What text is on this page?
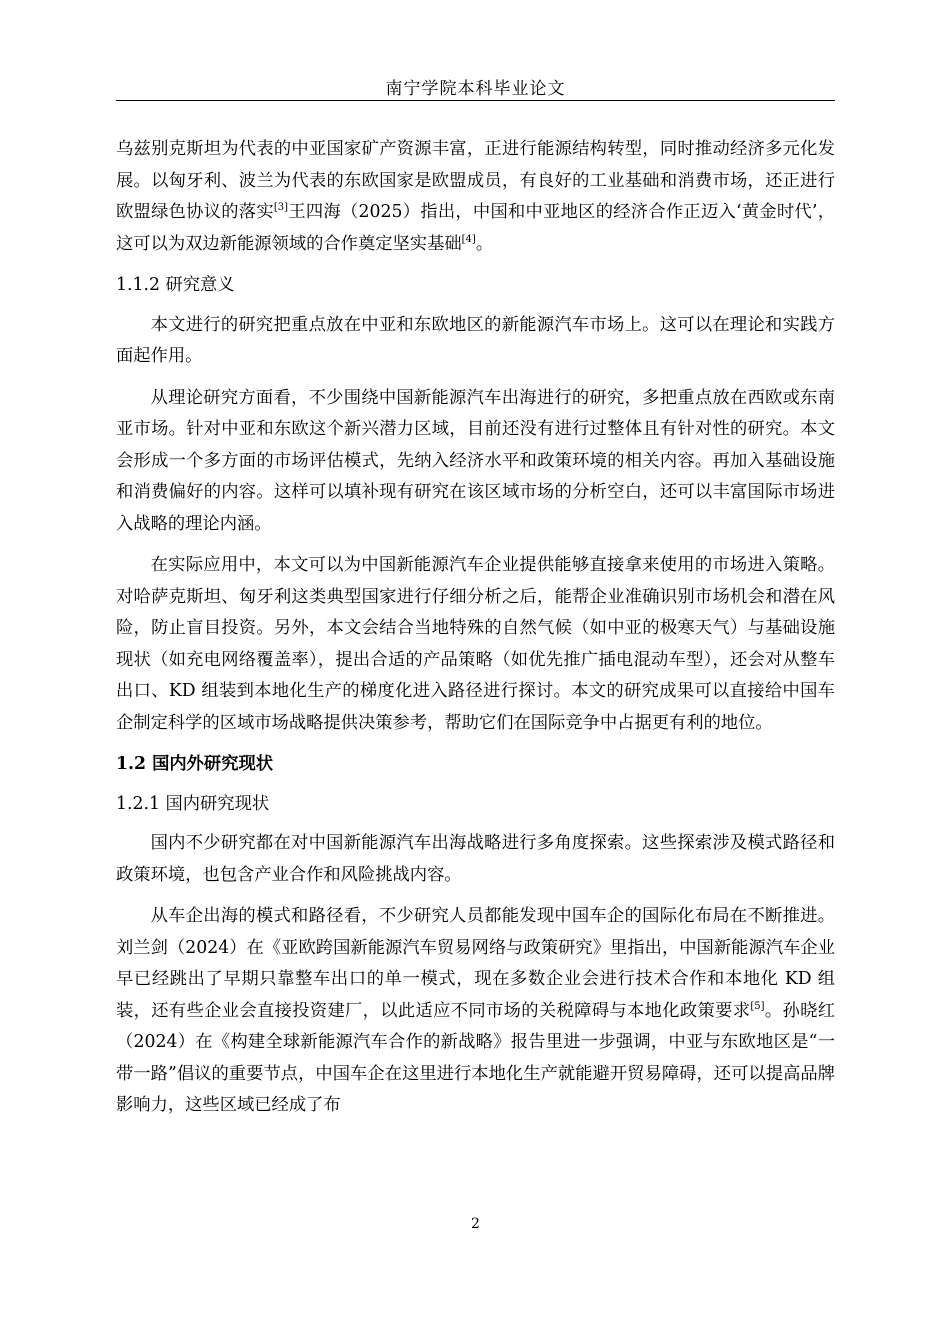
南宁学院本科毕业论文

乌兹别克斯坦为代表的中亚国家矿产资源丰富，正进行能源结构转型，同时推动经济多元化发展。以匈牙利、波兰为代表的东欧国家是欧盟成员，有良好的工业基础和消费市场，还正进行欧盟绿色协议的落实[3]王四海（2025）指出，中国和中亚地区的经济合作正迈入‘黄金时代’，这可以为双边新能源领域的合作奠定坚实基础[4]。

1.1.2 研究意义

本文进行的研究把重点放在中亚和东欧地区的新能源汽车市场上。这可以在理论和实践方面起作用。

从理论研究方面看，不少围绕中国新能源汽车出海进行的研究，多把重点放在西欧或东南亚市场。针对中亚和东欧这个新兴潜力区域，目前还没有进行过整体且有针对性的研究。本文会形成一个多方面的市场评估模式，先纳入经济水平和政策环境的相关内容。再加入基础设施和消费偏好的内容。这样可以填补现有研究在该区域市场的分析空白，还可以丰富国际市场进入战略的理论内涵。

在实际应用中，本文可以为中国新能源汽车企业提供能够直接拿来使用的市场进入策略。对哈萨克斯坦、匈牙利这类典型国家进行仔细分析之后，能帮企业准确识别市场机会和潜在风险，防止盲目投资。另外，本文会结合当地特殊的自然气候（如中亚的极寒天气）与基础设施现状（如充电网络覆盖率），提出合适的产品策略（如优先推广插电混动车型），还会对从整车出口、KD 组装到本地化生产的梯度化进入路径进行探讨。本文的研究成果可以直接给中国车企制定科学的区域市场战略提供决策参考，帮助它们在国际竞争中占据更有利的地位。

1.2 国内外研究现状
1.2.1 国内研究现状

国内不少研究都在对中国新能源汽车出海战略进行多角度探索。这些探索涉及模式路径和政策环境，也包含产业合作和风险挑战内容。

从车企出海的模式和路径看，不少研究人员都能发现中国车企的国际化布局在不断推进。刘兰剑（2024）在《亚欧跨国新能源汽车贸易网络与政策研究》里指出，中国新能源汽车企业早已经跳出了早期只靠整车出口的单一模式，现在多数企业会进行技术合作和本地化 KD 组装，还有些企业会直接投资建厂，以此适应不同市场的关税障碍与本地化政策要求[5]。孙晓红（2024）在《构建全球新能源汽车合作的新战略》报告里进一步强调，中亚与东欧地区是“一带一路”倡议的重要节点，中国车企在这里进行本地化生产就能避开贸易障碍，还可以提高品牌影响力，这些区域已经成了布

2
